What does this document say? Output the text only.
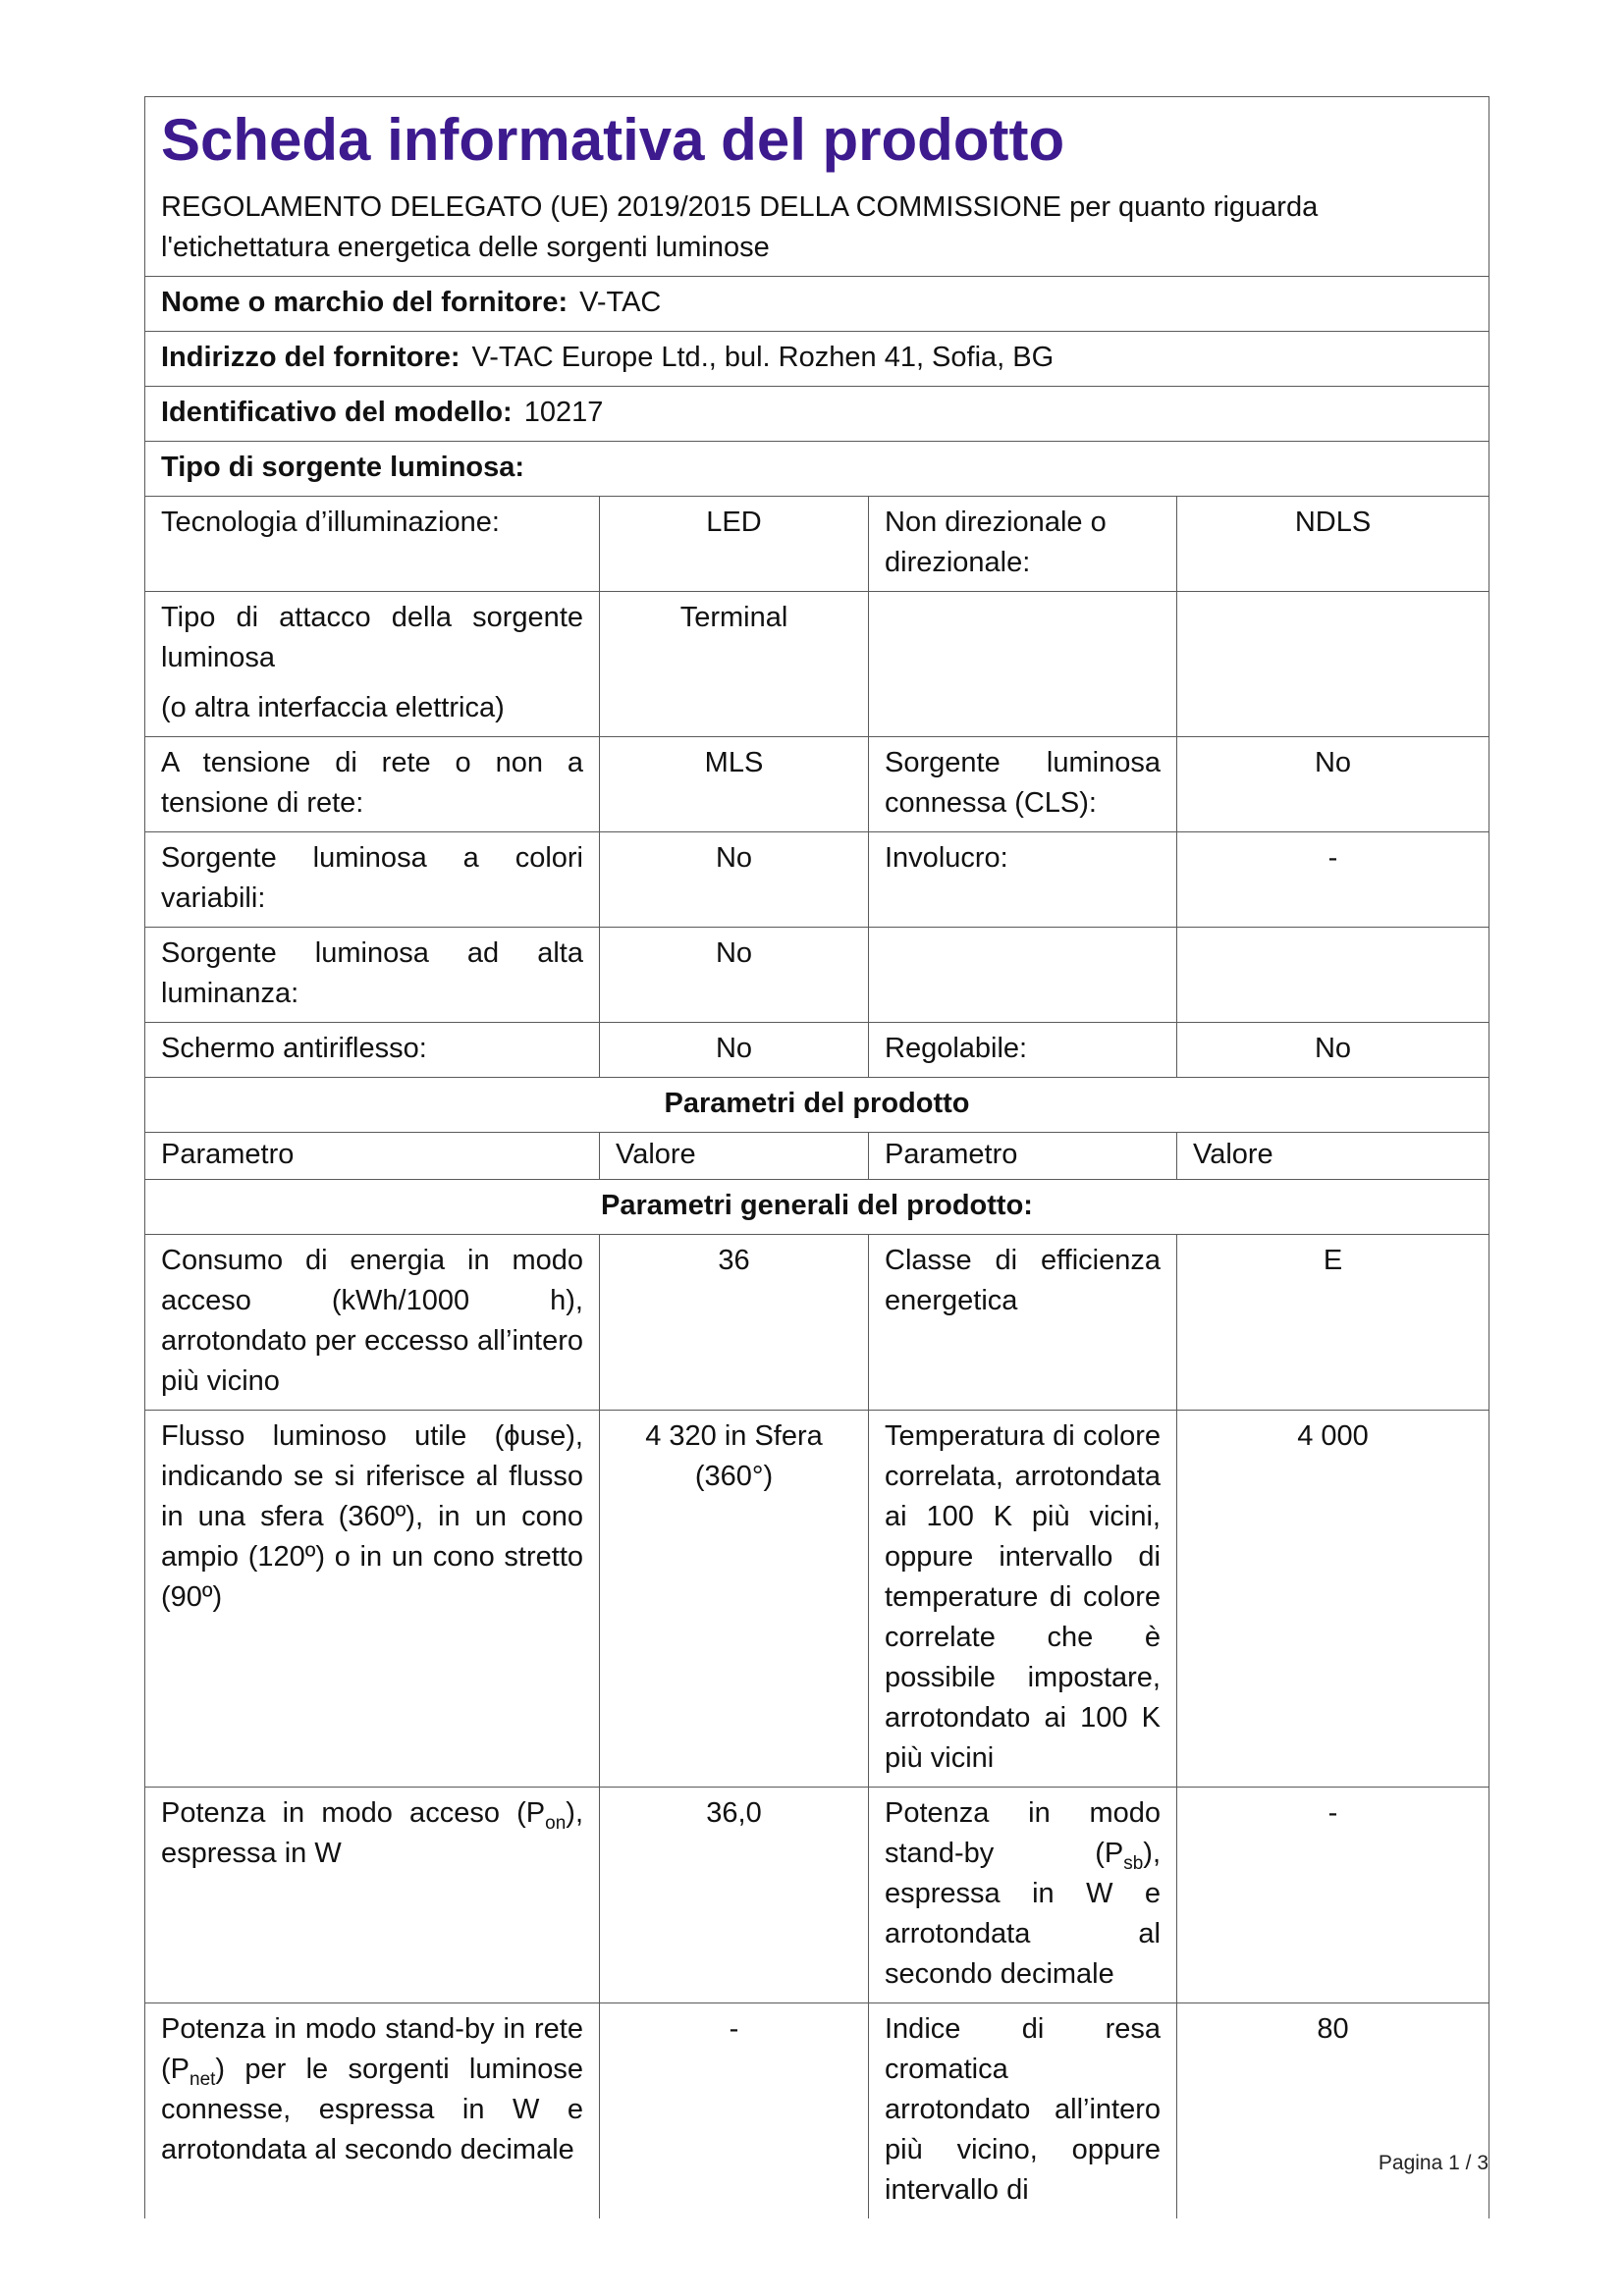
Scheda informativa del prodotto
REGOLAMENTO DELEGATO (UE) 2019/2015 DELLA COMMISSIONE per quanto riguarda l'etichettatura energetica delle sorgenti luminose			

Nome o marchio del fornitore: V-TAC			
Indirizzo del fornitore: V-TAC Europe Ltd., bul. Rozhen 41, Sofia, BG			
Identificativo del modello: 10217			
Tipo di sorgente luminosa:			
Tecnologia d’illuminazione:	LED	Non direzionale o direzionale:	NDLS

Tipo di attacco della sorgente luminosa
(o altra interfaccia elettrica)	Terminal		
A tensione di rete o non a tensione di rete:	MLS	Sorgente luminosa connessa (CLS):	No
Sorgente luminosa a colori variabili:	No	Involucro:	-
Sorgente luminosa ad alta luminanza:	No		
Schermo antiriflesso:	No	Regolabile:	No
Parametri del prodotto			
Parametro	Valore	Parametro	Valore
Parametri generali del prodotto:			
Consumo di energia in modo acceso (kWh/1000 h), arrotondato per eccesso all’intero più vicino	36	Classe di efficienza energetica	E
Flusso luminoso utile (ϕuse), indicando se si riferisce al flusso in una sfera (360º), in un cono ampio (120º) o in un cono stretto (90º)	4 320 in Sfera (360°)	Temperatura di colore correlata, arrotondata ai 100 K più vicini, oppure intervallo di temperature di colore correlate che è possibile impostare, arrotondato ai 100 K più vicini	4 000
Potenza in modo acceso $(P_{on})$, espressa in W	36,0	Potenza in modo stand-by $(P_{sb})$, espressa in W e arrotondata al secondo decimale	-
Potenza in modo stand-by in rete $(P_{net})$ per le sorgenti luminose connesse, espressa in W e arrotondata al secondo decimale	-	Indice di resa cromatica arrotondato all’intero più vicino, oppure intervallo di	80
Pagina 1 / 3
